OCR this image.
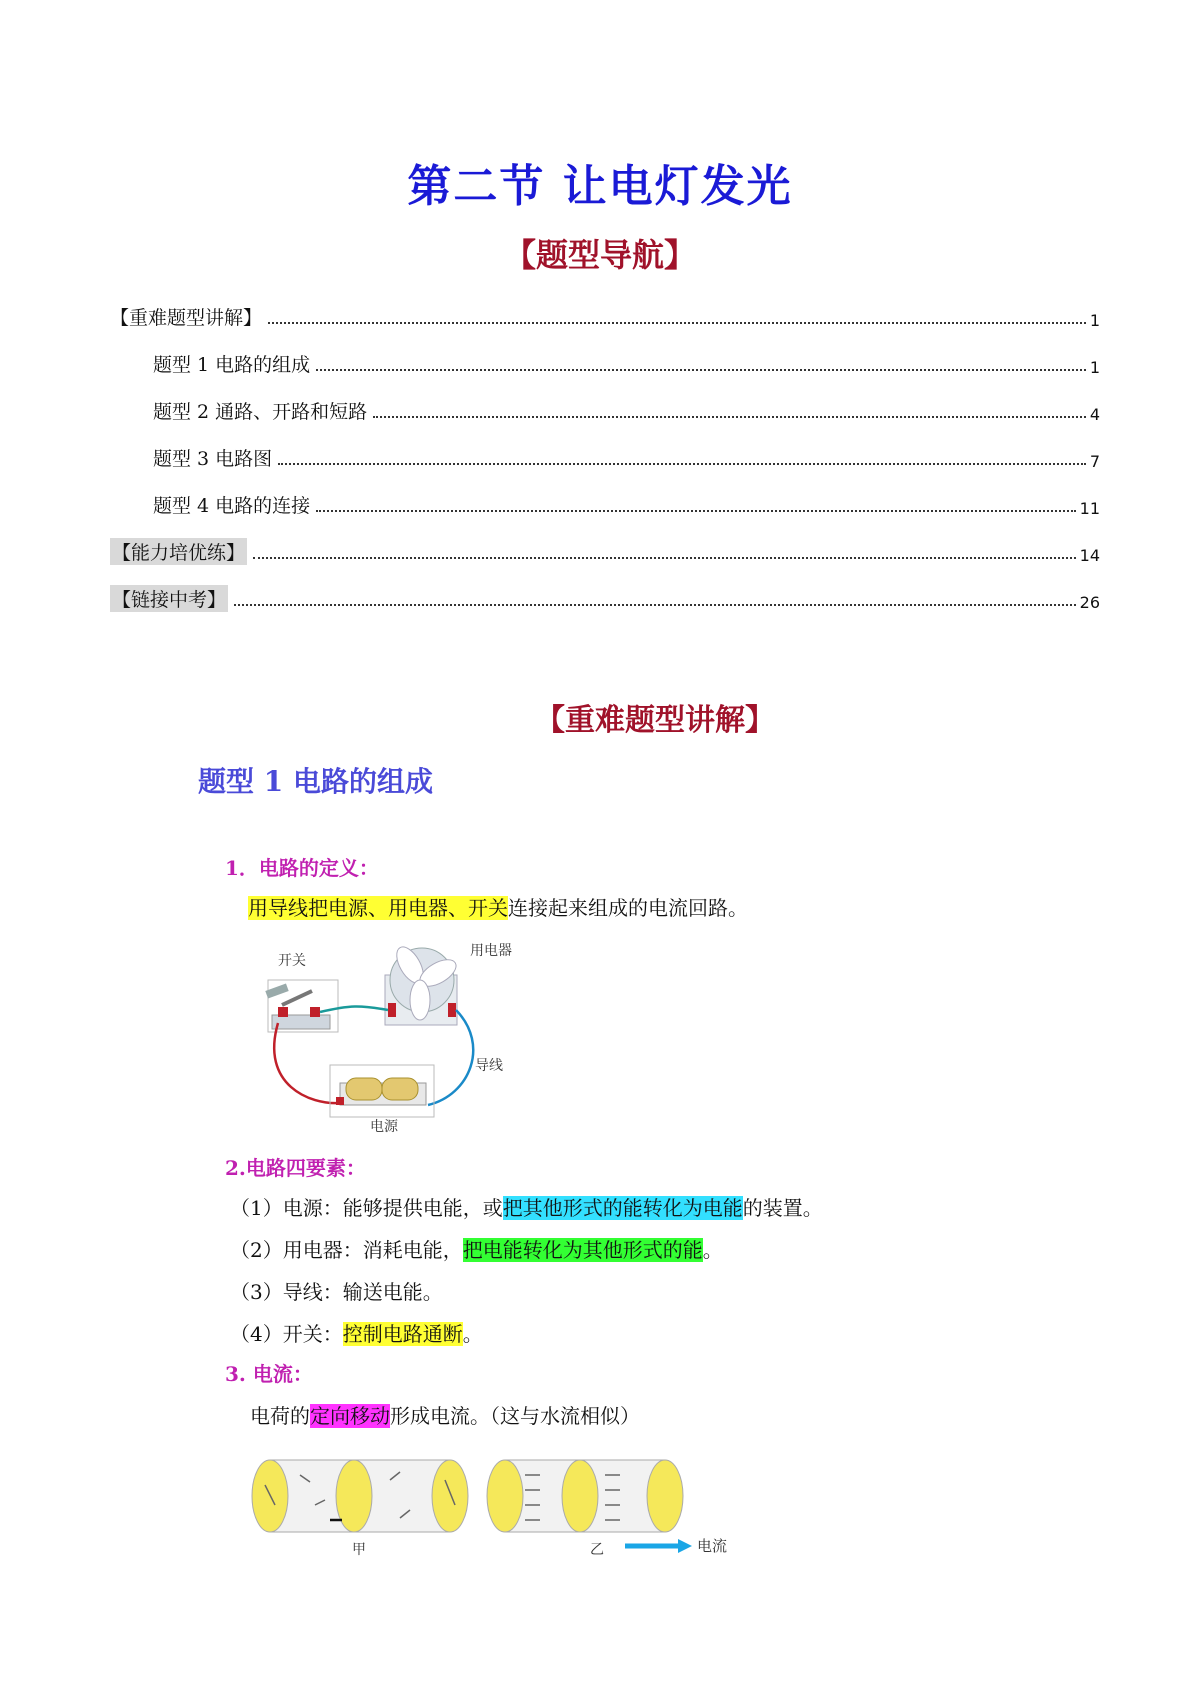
第二节 让电灯发光
【题型导航】
【重难题型讲解】	1
题型 1 电路的组成	1
题型 2 通路、开路和短路	4
题型 3 电路图	7
题型 4 电路的连接	11
【能力培优练】	14
【链接中考】	26
【重难题型讲解】
题型 1 电路的组成
1．电路的定义：
用导线把电源、用电器、开关连接起来组成的电流回路。
开关
用电器
导线
电源
2.电路四要素：
（1）电源：能够提供电能，或把其他形式的能转化为电能的装置。
（2）用电器：消耗电能，把电能转化为其他形式的能。
（3）导线：输送电能。
（4）开关：控制电路通断。
3. 电流：
电荷的定向移动形成电流。（这与水流相似）
甲	乙	电流
